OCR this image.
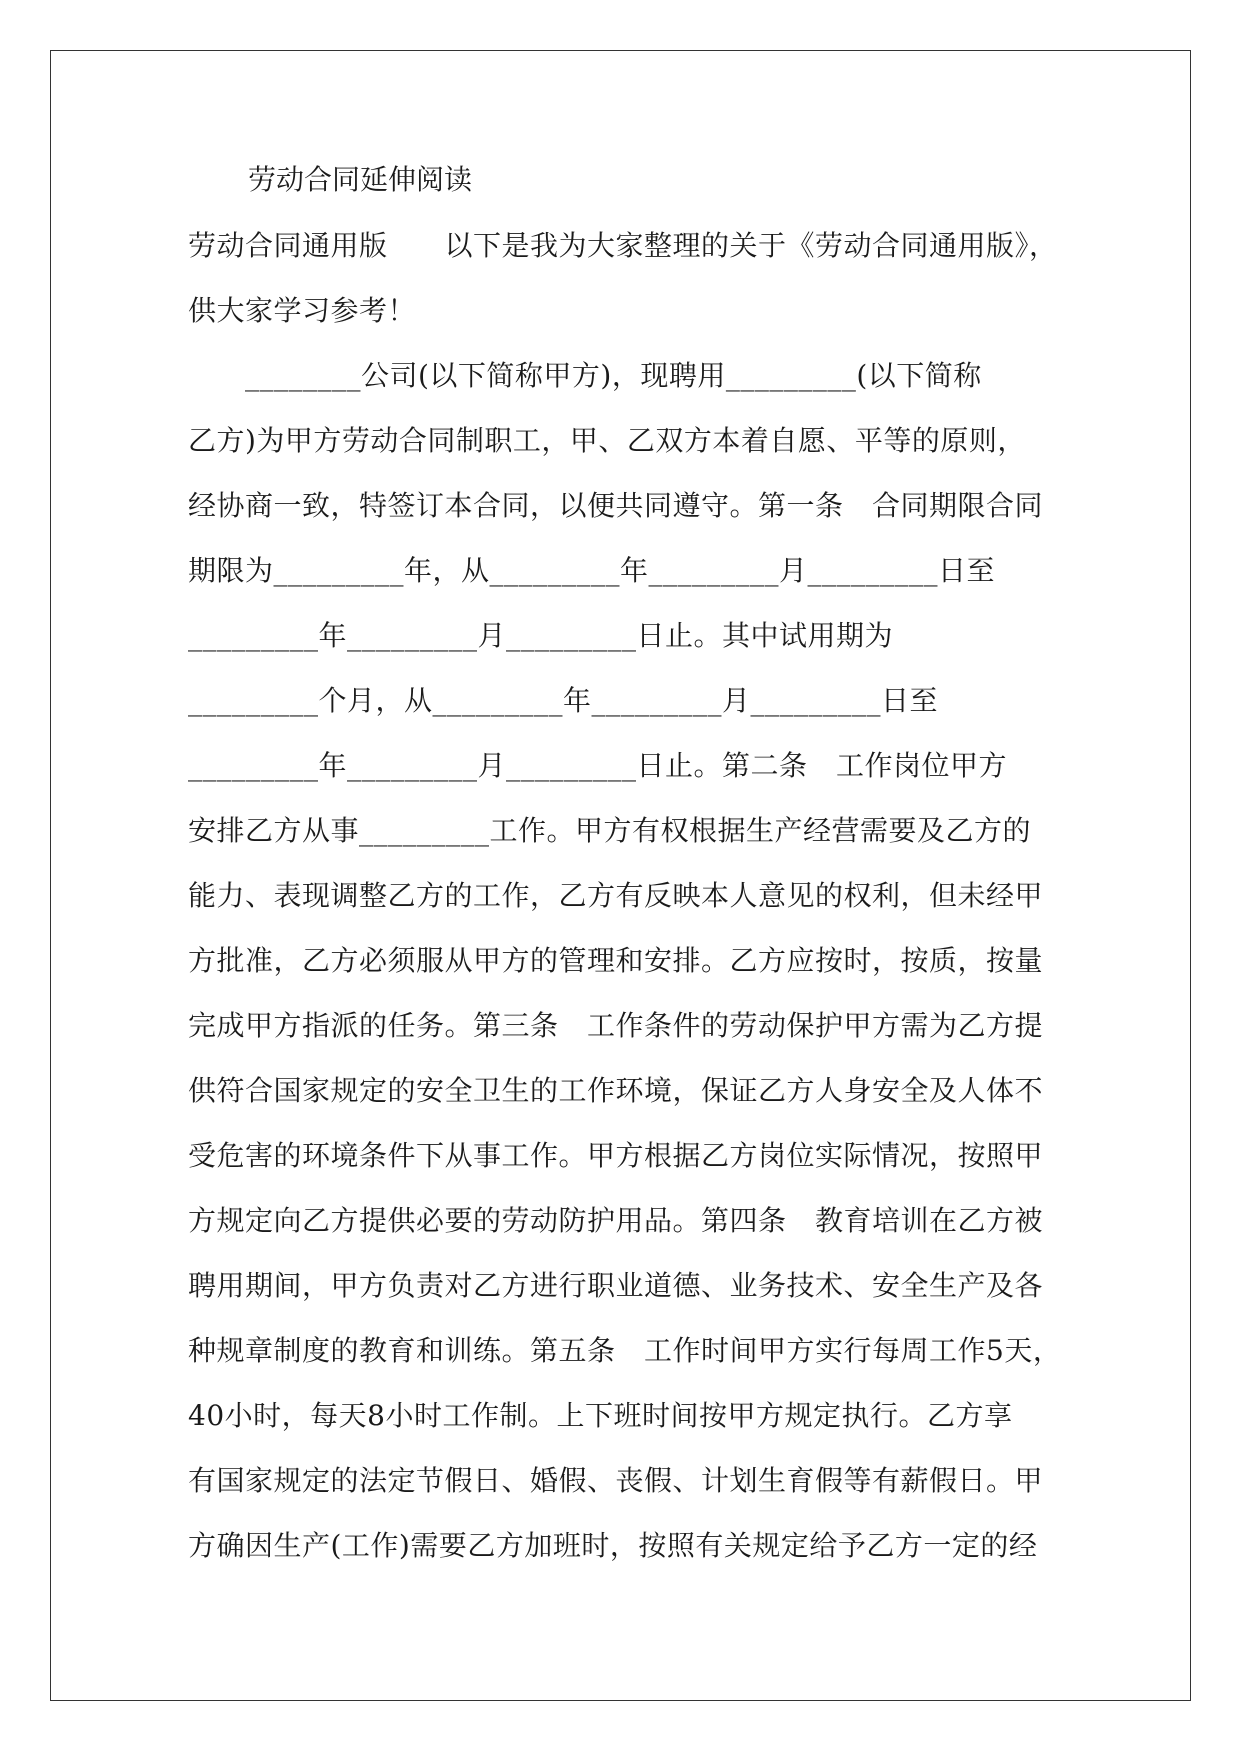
劳动合同延伸阅读
劳动合同通用版　　以下是我为大家整理的关于《劳动合同通用版》，
供大家学习参考！
　　________公司(以下简称甲方)，现聘用_________(以下简称
乙方)为甲方劳动合同制职工，甲、乙双方本着自愿、平等的原则，
经协商一致，特签订本合同，以便共同遵守。第一条　合同期限合同
期限为_________年，从_________年_________月_________日至
_________年_________月_________日止。其中试用期为
_________个月，从_________年_________月_________日至
_________年_________月_________日止。第二条　工作岗位甲方
安排乙方从事_________工作。甲方有权根据生产经营需要及乙方的
能力、表现调整乙方的工作，乙方有反映本人意见的权利，但未经甲
方批准，乙方必须服从甲方的管理和安排。乙方应按时，按质，按量
完成甲方指派的任务。第三条　工作条件的劳动保护甲方需为乙方提
供符合国家规定的安全卫生的工作环境，保证乙方人身安全及人体不
受危害的环境条件下从事工作。甲方根据乙方岗位实际情况，按照甲
方规定向乙方提供必要的劳动防护用品。第四条　教育培训在乙方被
聘用期间，甲方负责对乙方进行职业道德、业务技术、安全生产及各
种规章制度的教育和训练。第五条　工作时间甲方实行每周工作5天，
40小时，每天8小时工作制。上下班时间按甲方规定执行。乙方享
有国家规定的法定节假日、婚假、丧假、计划生育假等有薪假日。甲
方确因生产(工作)需要乙方加班时，按照有关规定给予乙方一定的经
